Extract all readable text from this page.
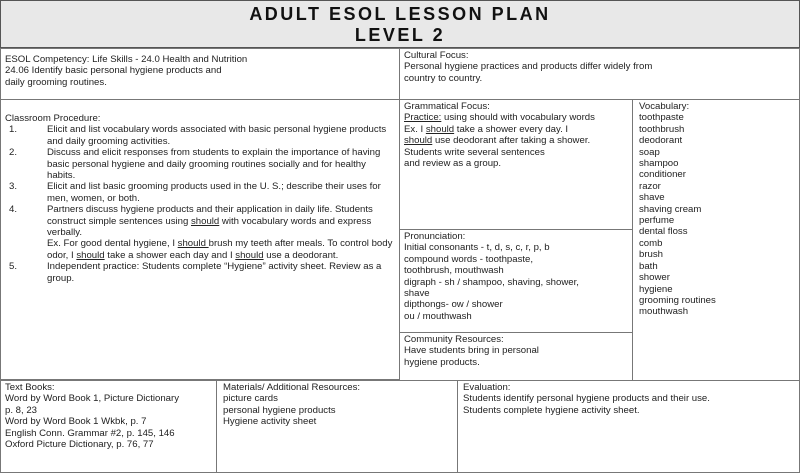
ADULT ESOL LESSON PLAN
LEVEL 2
ESOL Competency: Life Skills - 24.0 Health and Nutrition
24.06 Identify basic personal hygiene products and
daily grooming routines.
Cultural Focus:
Personal hygiene practices and products differ widely from
country to country.
Classroom Procedure:
1.	Elicit and list vocabulary words associated with basic personal hygiene products and daily grooming activities.
2.	Discuss and elicit responses from students to explain the importance of having basic personal hygiene and daily grooming routines socially and for healthy habits.
3.	Elicit and list basic grooming products used in the U. S.; describe their uses for men, women, or both.
4.	Partners discuss hygiene products and their application in daily life. Students construct simple sentences using should with vocabulary words and express verbally.
Ex. For good dental hygiene, I should brush my teeth after meals. To control body odor, I should take a shower each day and I should use a deodorant.
5.	Independent practice: Students complete “Hygiene” activity sheet. Review as a group.
Grammatical Focus:
Practice: using should with vocabulary words
Ex. I should take a shower every day. I
should use deodorant after taking a shower.
Students write several sentences
and review as a group.
Pronunciation:
Initial consonants - t, d, s, c, r, p, b
compound words - toothpaste,
toothbrush, mouthwash
digraph - sh / shampoo, shaving, shower,
shave
dipthongs- ow / shower
ou / mouthwash
Community Resources:
Have students bring in personal
hygiene products.
Vocabulary:
toothpaste
toothbrush
deodorant
soap
shampoo
conditioner
razor
shave
shaving cream
perfume
dental floss
comb
brush
bath
shower
hygiene
grooming routines
mouthwash
Text Books:
Word by Word Book 1, Picture Dictionary
p. 8, 23
Word by Word Book 1 Wkbk, p. 7
English Conn. Grammar #2, p. 145, 146
Oxford Picture Dictionary, p. 76, 77
Materials/ Additional Resources:
picture cards
personal hygiene products
Hygiene activity sheet
Evaluation:
Students identify personal hygiene products and their use.
Students complete hygiene activity sheet.
